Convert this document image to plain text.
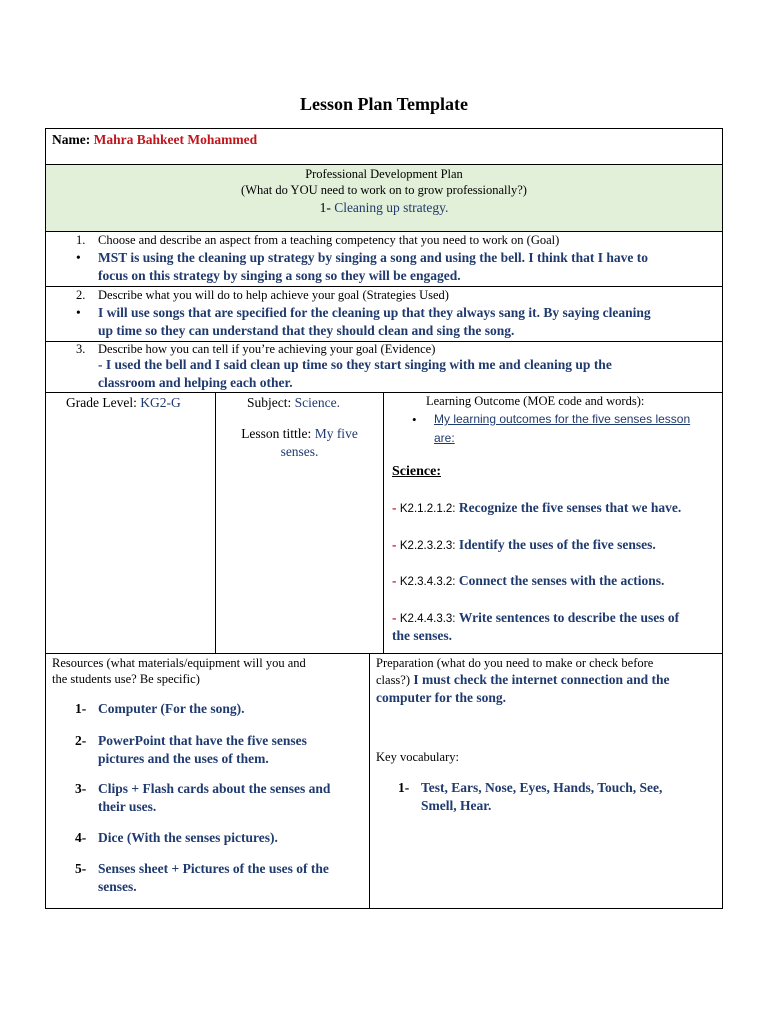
Lesson Plan Template
Name: Mahra Bahkeet Mohammed
Professional Development Plan
(What do YOU need to work on to grow professionally?)
1- Cleaning up strategy.
1. Choose and describe an aspect from a teaching competency that you need to work on (Goal)
• MST is using the cleaning up strategy by singing a song and using the bell. I think that I have to
focus on this strategy by singing a song so they will be engaged.
2. Describe what you will do to help achieve your goal (Strategies Used)
• I will use songs that are specified for the cleaning up that they always sang it. By saying cleaning
up time so they can understand that they should clean and sing the song.
3. Describe how you can tell if you’re achieving your goal (Evidence)
- I used the bell and I said clean up time so they start singing with me and cleaning up the
classroom and helping each other.
Grade Level: KG2-G	Subject: Science.
Lesson tittle: My five
senses.
Learning Outcome (MOE code and words):
• My learning outcomes for the five senses lesson
are:
Science:
- K2.1.2.1.2: Recognize the five senses that we have.
- K2.2.3.2.3: Identify the uses of the five senses.
- K2.3.4.3.2: Connect the senses with the actions.
- K2.4.4.3.3: Write sentences to describe the uses of
the senses.
Resources (what materials/equipment will you and
the students use? Be specific)
1- Computer (For the song).
2- PowerPoint that have the five senses
pictures and the uses of them.
3- Clips + Flash cards about the senses and
their uses.
4- Dice (With the senses pictures).
5- Senses sheet + Pictures of the uses of the
senses.
Preparation (what do you need to make or check before
class?) I must check the internet connection and the
computer for the song.
Key vocabulary:
1- Test, Ears, Nose, Eyes, Hands, Touch, See,
Smell, Hear.
